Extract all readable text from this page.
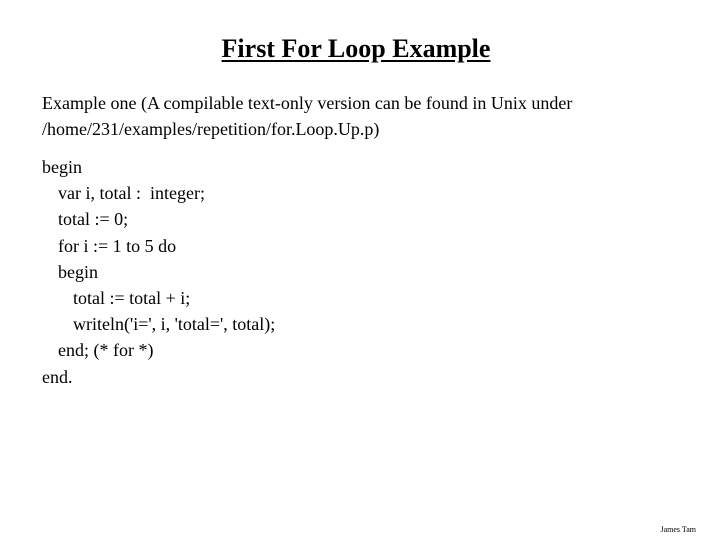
First For Loop Example
Example one (A compilable text-only version can be found in Unix under
/home/231/examples/repetition/for.Loop.Up.p)
begin
var i, total :  integer;
total := 0;
for i := 1 to 5 do
begin
total := total + i;
writeln('i=', i, 'total=', total);
end; (* for *)
end.
James Tam
